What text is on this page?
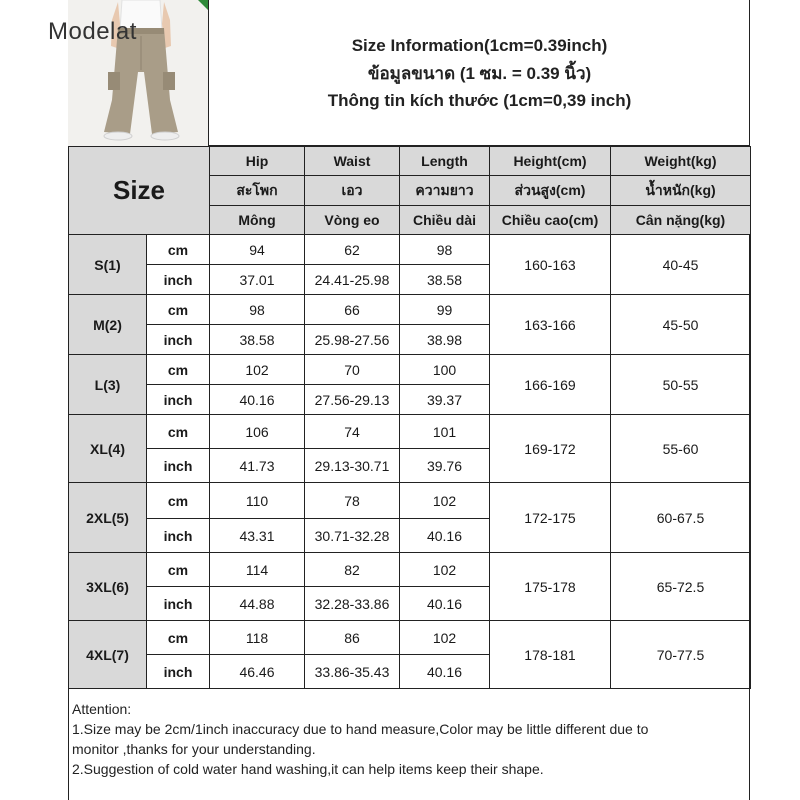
Modelat	Size Information(1cm=0.39inch)
ข้อมูลขนาด (1 ซม. = 0.39 นิ้ว)
Thông tin kích thước (1cm=0,39 inch)
Size		Hip	Waist	Length	Height(cm)	Weight(kg)
		สะโพก	เอว	ความยาว	ส่วนสูง(cm)	น้ำหนัก(kg)
		Mông	Vòng eo	Chiều dài	Chiều cao(cm)	Cân nặng(kg)
S(1)	cm	94	62	98	160-163	40-45
	inch	37.01	24.41-25.98	38.58		
M(2)	cm	98	66	99	163-166	45-50
	inch	38.58	25.98-27.56	38.98		
L(3)	cm	102	70	100	166-169	50-55
	inch	40.16	27.56-29.13	39.37		
XL(4)	cm	106	74	101	169-172	55-60
	inch	41.73	29.13-30.71	39.76		
2XL(5)	cm	110	78	102	172-175	60-67.5
	inch	43.31	30.71-32.28	40.16		
3XL(6)	cm	114	82	102	175-178	65-72.5
	inch	44.88	32.28-33.86	40.16		
4XL(7)	cm	118	86	102	178-181	70-77.5
	inch	46.46	33.86-35.43	40.16		
Attention:
1.Size may be 2cm/1inch inaccuracy due to hand measure,Color may be little different due to
monitor ,thanks for your understanding.
2.Suggestion of cold water hand washing,it can help items keep their shape.
